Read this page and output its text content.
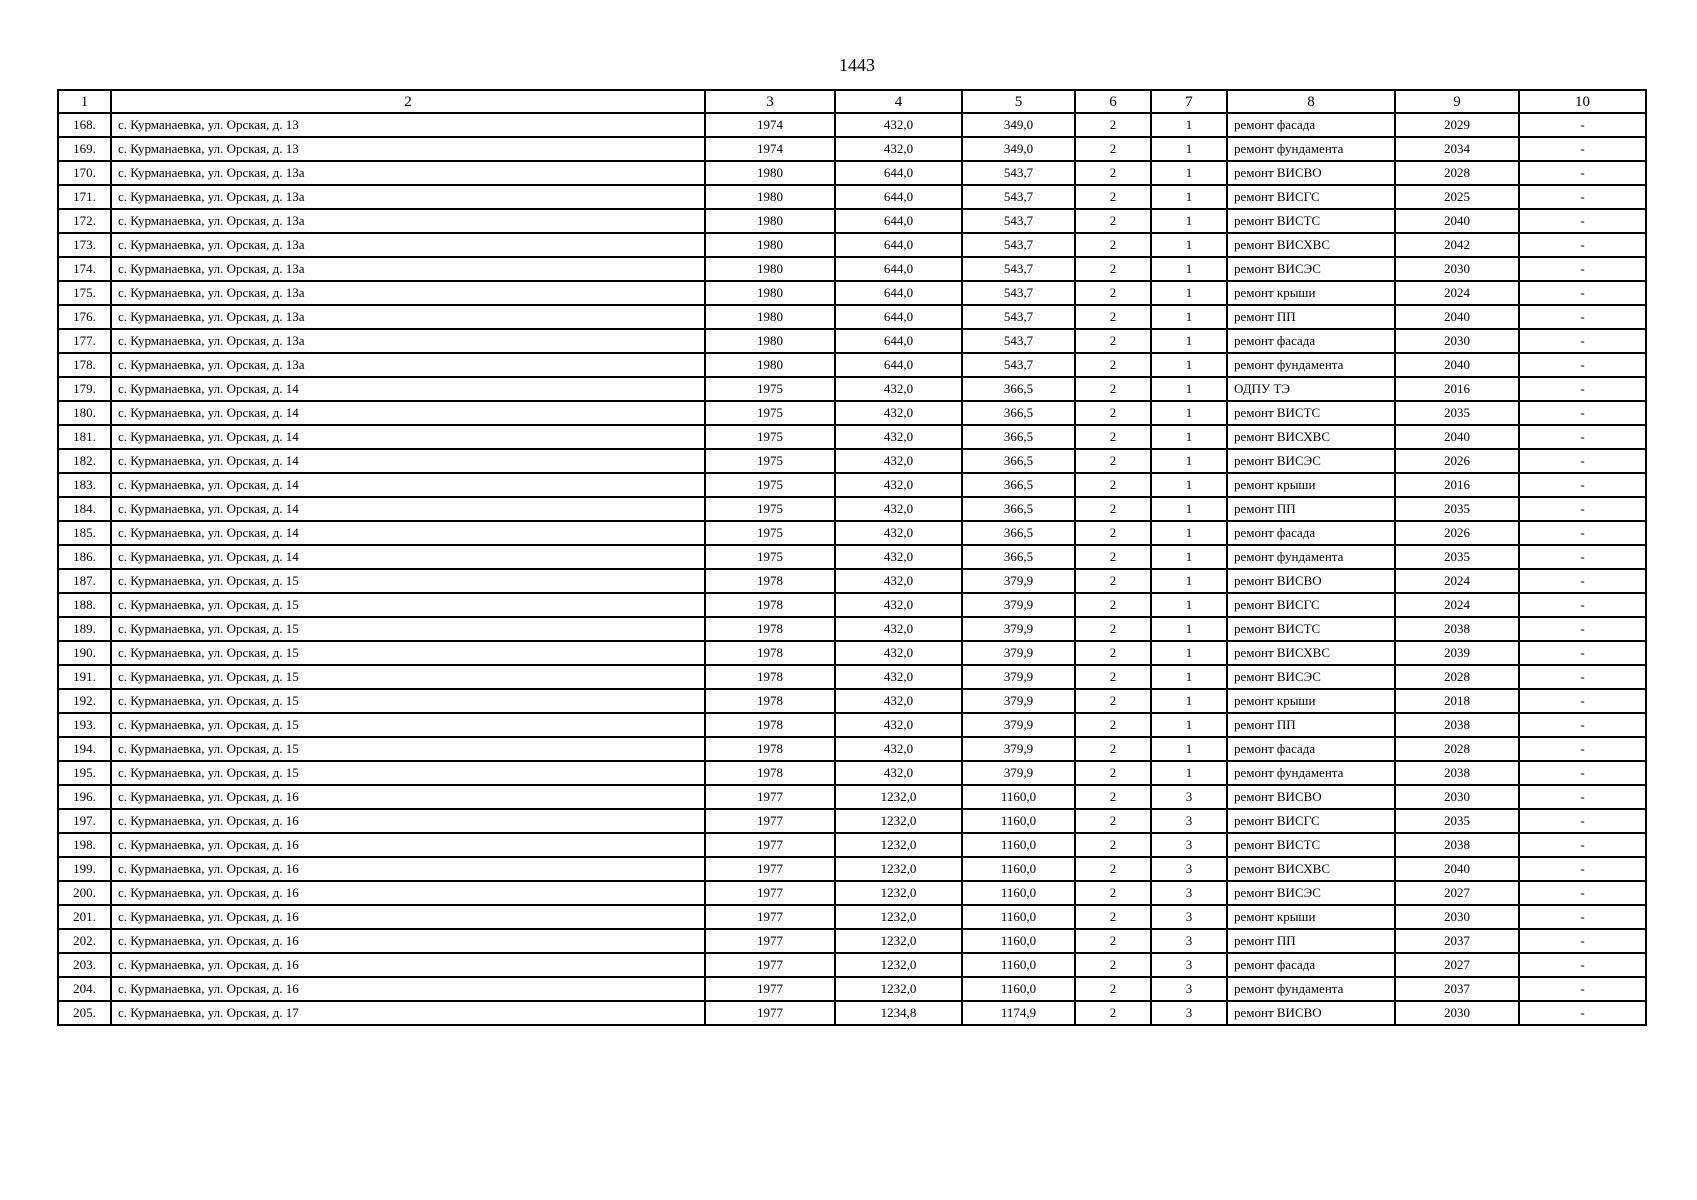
1443
1	2	3	4	5	6	7	8	9	10
168.	с. Курманаевка, ул. Орская, д. 13	1974	432,0	349,0	2	1	ремонт фасада	2029	-
169.	с. Курманаевка, ул. Орская, д. 13	1974	432,0	349,0	2	1	ремонт фундамента	2034	-
170.	с. Курманаевка, ул. Орская, д. 13а	1980	644,0	543,7	2	1	ремонт ВИСВО	2028	-
171.	с. Курманаевка, ул. Орская, д. 13а	1980	644,0	543,7	2	1	ремонт ВИСГС	2025	-
172.	с. Курманаевка, ул. Орская, д. 13а	1980	644,0	543,7	2	1	ремонт ВИСТС	2040	-
173.	с. Курманаевка, ул. Орская, д. 13а	1980	644,0	543,7	2	1	ремонт ВИСХВС	2042	-
174.	с. Курманаевка, ул. Орская, д. 13а	1980	644,0	543,7	2	1	ремонт ВИСЭС	2030	-
175.	с. Курманаевка, ул. Орская, д. 13а	1980	644,0	543,7	2	1	ремонт крыши	2024	-
176.	с. Курманаевка, ул. Орская, д. 13а	1980	644,0	543,7	2	1	ремонт ПП	2040	-
177.	с. Курманаевка, ул. Орская, д. 13а	1980	644,0	543,7	2	1	ремонт фасада	2030	-
178.	с. Курманаевка, ул. Орская, д. 13а	1980	644,0	543,7	2	1	ремонт фундамента	2040	-
179.	с. Курманаевка, ул. Орская, д. 14	1975	432,0	366,5	2	1	ОДПУ ТЭ	2016	-
180.	с. Курманаевка, ул. Орская, д. 14	1975	432,0	366,5	2	1	ремонт ВИСТС	2035	-
181.	с. Курманаевка, ул. Орская, д. 14	1975	432,0	366,5	2	1	ремонт ВИСХВС	2040	-
182.	с. Курманаевка, ул. Орская, д. 14	1975	432,0	366,5	2	1	ремонт ВИСЭС	2026	-
183.	с. Курманаевка, ул. Орская, д. 14	1975	432,0	366,5	2	1	ремонт крыши	2016	-
184.	с. Курманаевка, ул. Орская, д. 14	1975	432,0	366,5	2	1	ремонт ПП	2035	-
185.	с. Курманаевка, ул. Орская, д. 14	1975	432,0	366,5	2	1	ремонт фасада	2026	-
186.	с. Курманаевка, ул. Орская, д. 14	1975	432,0	366,5	2	1	ремонт фундамента	2035	-
187.	с. Курманаевка, ул. Орская, д. 15	1978	432,0	379,9	2	1	ремонт ВИСВО	2024	-
188.	с. Курманаевка, ул. Орская, д. 15	1978	432,0	379,9	2	1	ремонт ВИСГС	2024	-
189.	с. Курманаевка, ул. Орская, д. 15	1978	432,0	379,9	2	1	ремонт ВИСТС	2038	-
190.	с. Курманаевка, ул. Орская, д. 15	1978	432,0	379,9	2	1	ремонт ВИСХВС	2039	-
191.	с. Курманаевка, ул. Орская, д. 15	1978	432,0	379,9	2	1	ремонт ВИСЭС	2028	-
192.	с. Курманаевка, ул. Орская, д. 15	1978	432,0	379,9	2	1	ремонт крыши	2018	-
193.	с. Курманаевка, ул. Орская, д. 15	1978	432,0	379,9	2	1	ремонт ПП	2038	-
194.	с. Курманаевка, ул. Орская, д. 15	1978	432,0	379,9	2	1	ремонт фасада	2028	-
195.	с. Курманаевка, ул. Орская, д. 15	1978	432,0	379,9	2	1	ремонт фундамента	2038	-
196.	с. Курманаевка, ул. Орская, д. 16	1977	1232,0	1160,0	2	3	ремонт ВИСВО	2030	-
197.	с. Курманаевка, ул. Орская, д. 16	1977	1232,0	1160,0	2	3	ремонт ВИСГС	2035	-
198.	с. Курманаевка, ул. Орская, д. 16	1977	1232,0	1160,0	2	3	ремонт ВИСТС	2038	-
199.	с. Курманаевка, ул. Орская, д. 16	1977	1232,0	1160,0	2	3	ремонт ВИСХВС	2040	-
200.	с. Курманаевка, ул. Орская, д. 16	1977	1232,0	1160,0	2	3	ремонт ВИСЭС	2027	-
201.	с. Курманаевка, ул. Орская, д. 16	1977	1232,0	1160,0	2	3	ремонт крыши	2030	-
202.	с. Курманаевка, ул. Орская, д. 16	1977	1232,0	1160,0	2	3	ремонт ПП	2037	-
203.	с. Курманаевка, ул. Орская, д. 16	1977	1232,0	1160,0	2	3	ремонт фасада	2027	-
204.	с. Курманаевка, ул. Орская, д. 16	1977	1232,0	1160,0	2	3	ремонт фундамента	2037	-
205.	с. Курманаевка, ул. Орская, д. 17	1977	1234,8	1174,9	2	3	ремонт ВИСВО	2030	-
